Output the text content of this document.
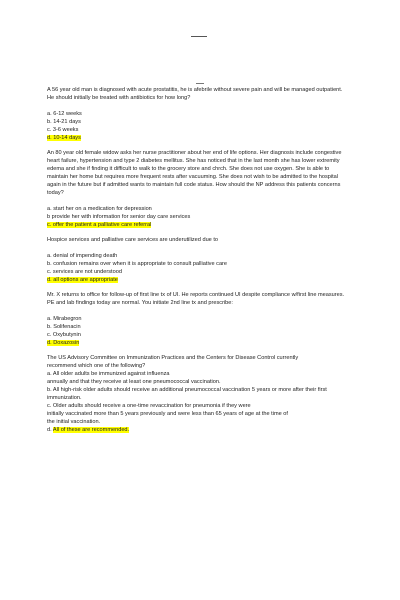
A 56 year old man is diagnosed with acute prostatitis, he is afebrile without severe pain and will be managed outpatient. He should initially be treated with antibiotics for how long?

a. 6-12 weeks
b. 14-21 days
c. 3-6 weeks
d. 10-14 days

An 80 year old female widow asks her nurse practitioner about her end of life options. Her diagnosis include congestive heart failure, hypertension and type 2 diabetes mellitus. She has noticed that in the last month she has lower extremity edema and she if finding it difficult to walk to the grocery store and chrch. She does not use oxygen. She is able to maintain her home but requires more frequent rests after vacuuming. She does not wish to be admitted to the hospital again in the future but if admitted wants to maintain full code status. How should the NP address this patients concerns today?

a. start her on a medication for depression
b provide her with information for senior day care services
c. offer the patient a palliative care referral

Hospice services and palliative care services are underutilized due to

a. denial of impending death
b. confusion remains over when it is appropriate to consult palliative care
c. services are not understood
d. all options are appropriate

Mr. X returns to office for follow-up of first line tx of UI. He reports continued UI despite compliance w/first line measures. PE and lab findings today are normal. You initiate 2nd line tx and prescribe:

a. Mirabegron
b. Solifenacin
c. Oxybutynin
d. Doxazosin
The US Advisory Committee on Immunization Practices and the Centers for Disease Control currently
recommend which one of the following?
a. All older adults be immunized against influenza
annually and that they receive at least one pneumococcal vaccination.
b. All high-risk older adults should receive an additional pneumococcal vaccination 5 years or more after their first immunization.
c. Older adults should receive a one-time revaccination for pneumonia if they were
initially vaccinated more than 5 years previously and were less than 65 years of age at the time of
the initial vaccination.
d. All of these are recommended.
